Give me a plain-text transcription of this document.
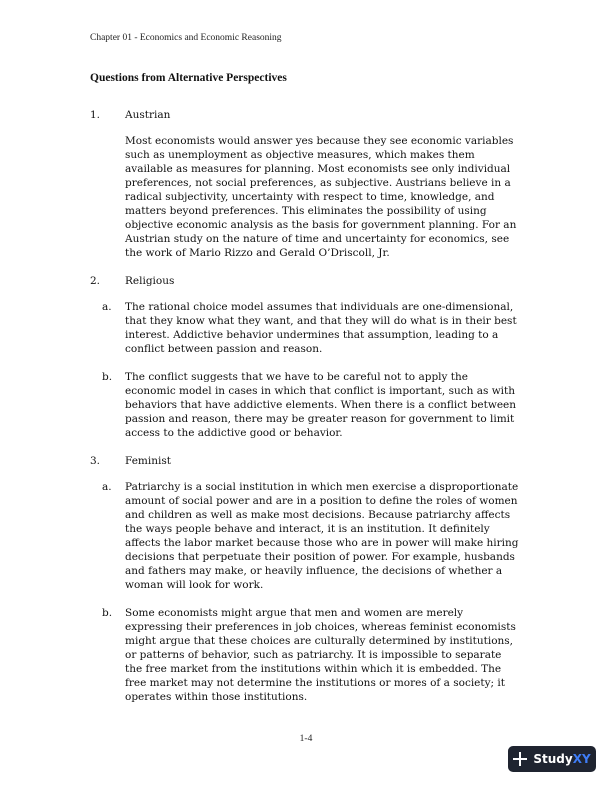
Chapter 01 - Economics and Economic Reasoning
Questions from Alternative Perspectives
1.	Austrian
Most economists would answer yes because they see economic variables such as unemployment as objective measures, which makes them available as measures for planning. Most economists see only individual preferences, not social preferences, as subjective. Austrians believe in a radical subjectivity, uncertainty with respect to time, knowledge, and matters beyond preferences. This eliminates the possibility of using objective economic analysis as the basis for government planning. For an Austrian study on the nature of time and uncertainty for economics, see the work of Mario Rizzo and Gerald O’Driscoll, Jr.
2.	Religious
a.	The rational choice model assumes that individuals are one-dimensional, that they know what they want, and that they will do what is in their best interest. Addictive behavior undermines that assumption, leading to a conflict between passion and reason.
b.	The conflict suggests that we have to be careful not to apply the economic model in cases in which that conflict is important, such as with behaviors that have addictive elements. When there is a conflict between passion and reason, there may be greater reason for government to limit access to the addictive good or behavior.
3.	Feminist
a.	Patriarchy is a social institution in which men exercise a disproportionate amount of social power and are in a position to define the roles of women and children as well as make most decisions. Because patriarchy affects the ways people behave and interact, it is an institution. It definitely affects the labor market because those who are in power will make hiring decisions that perpetuate their position of power. For example, husbands and fathers may make, or heavily influence, the decisions of whether a woman will look for work.
b.	Some economists might argue that men and women are merely expressing their preferences in job choices, whereas feminist economists might argue that these choices are culturally determined by institutions, or patterns of behavior, such as patriarchy. It is impossible to separate the free market from the institutions within which it is embedded. The free market may not determine the institutions or mores of a society; it operates within those institutions.
1-4
Study XY
